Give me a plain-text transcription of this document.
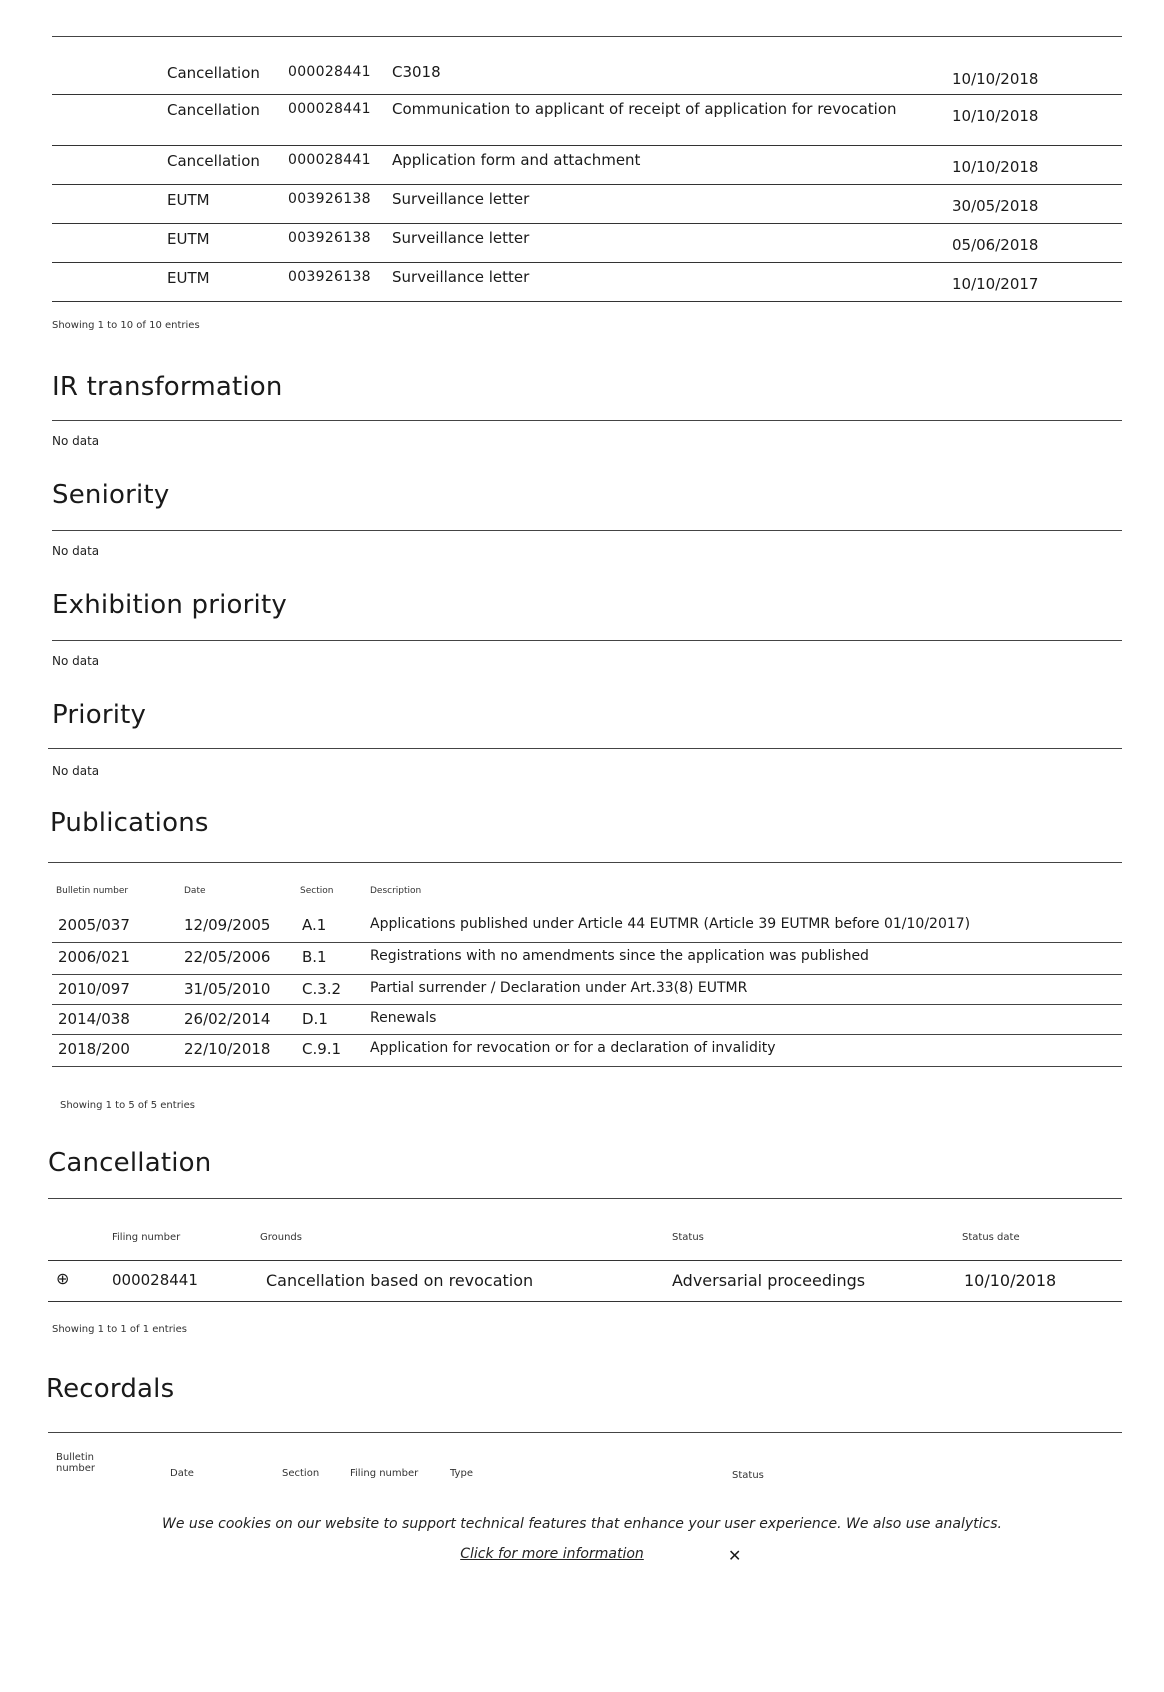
Cancellation 000028441 C3018	10/10/2018
Cancellation 000028441 Communication to applicant of receipt of application for revocation	10/10/2018
Cancellation 000028441 Application form and attachment	10/10/2018
EUTM	003926138 Surveillance letter	30/05/2018
EUTM	003926138 Surveillance letter	05/06/2018
EUTM	003926138 Surveillance letter	10/10/2017
Showing 1 to 10 of 10 entries
IR transformation
No data
Seniority
No data
Exhibition priority
No data
Priority
No data
Publications
Bulletin number	Date	Section	Description
2005/037	12/09/2005 A.1	Applications published under Article 44 EUTMR (Article 39 EUTMR before 01/10/2017)
2006/021	22/05/2006 B.1	Registrations with no amendments since the application was published
2010/097	31/05/2010 C.3.2 Partial surrender / Declaration under Art.33(8) EUTMR
2014/038	26/02/2014 D.1	Renewals
2018/200	22/10/2018 C.9.1 Application for revocation or for a declaration of invalidity
Showing 1 to 5 of 5 entries
Cancellation
Filing number	Grounds	Status	Status date
⊕	000028441	Cancellation based on revocation	Adversarial proceedings	10/10/2018
Showing 1 to 1 of 1 entries
Recordals
Bulletin number	Date	Section	Filing number	Type	Status
We use cookies on our website to support technical features that enhance your user experience. We also use analytics.
Click for more information	✕
